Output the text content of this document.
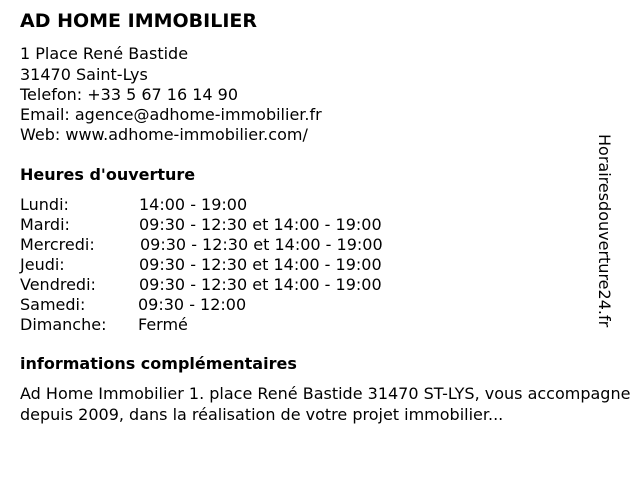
AD HOME IMMOBILIER
1 Place René Bastide
31470 Saint-Lys
Telefon: +33 5 67 16 14 90
Email: agence@adhome-immobilier.fr
Web: www.adhome-immobilier.com/
Heures d'ouverture
Lundi:	14:00 - 19:00
Mardi:	09:30 - 12:30 et 14:00 - 19:00
Mercredi:	09:30 - 12:30 et 14:00 - 19:00
Jeudi:	09:30 - 12:30 et 14:00 - 19:00
Vendredi:	09:30 - 12:30 et 14:00 - 19:00
Samedi:	09:30 - 12:00
Dimanche: Fermé
informations complémentaires
Ad Home Immobilier 1. place René Bastide 31470 ST-LYS, vous accompagne depuis 2009, dans la réalisation de votre projet immobilier...
Horairesdouverture24.fr
